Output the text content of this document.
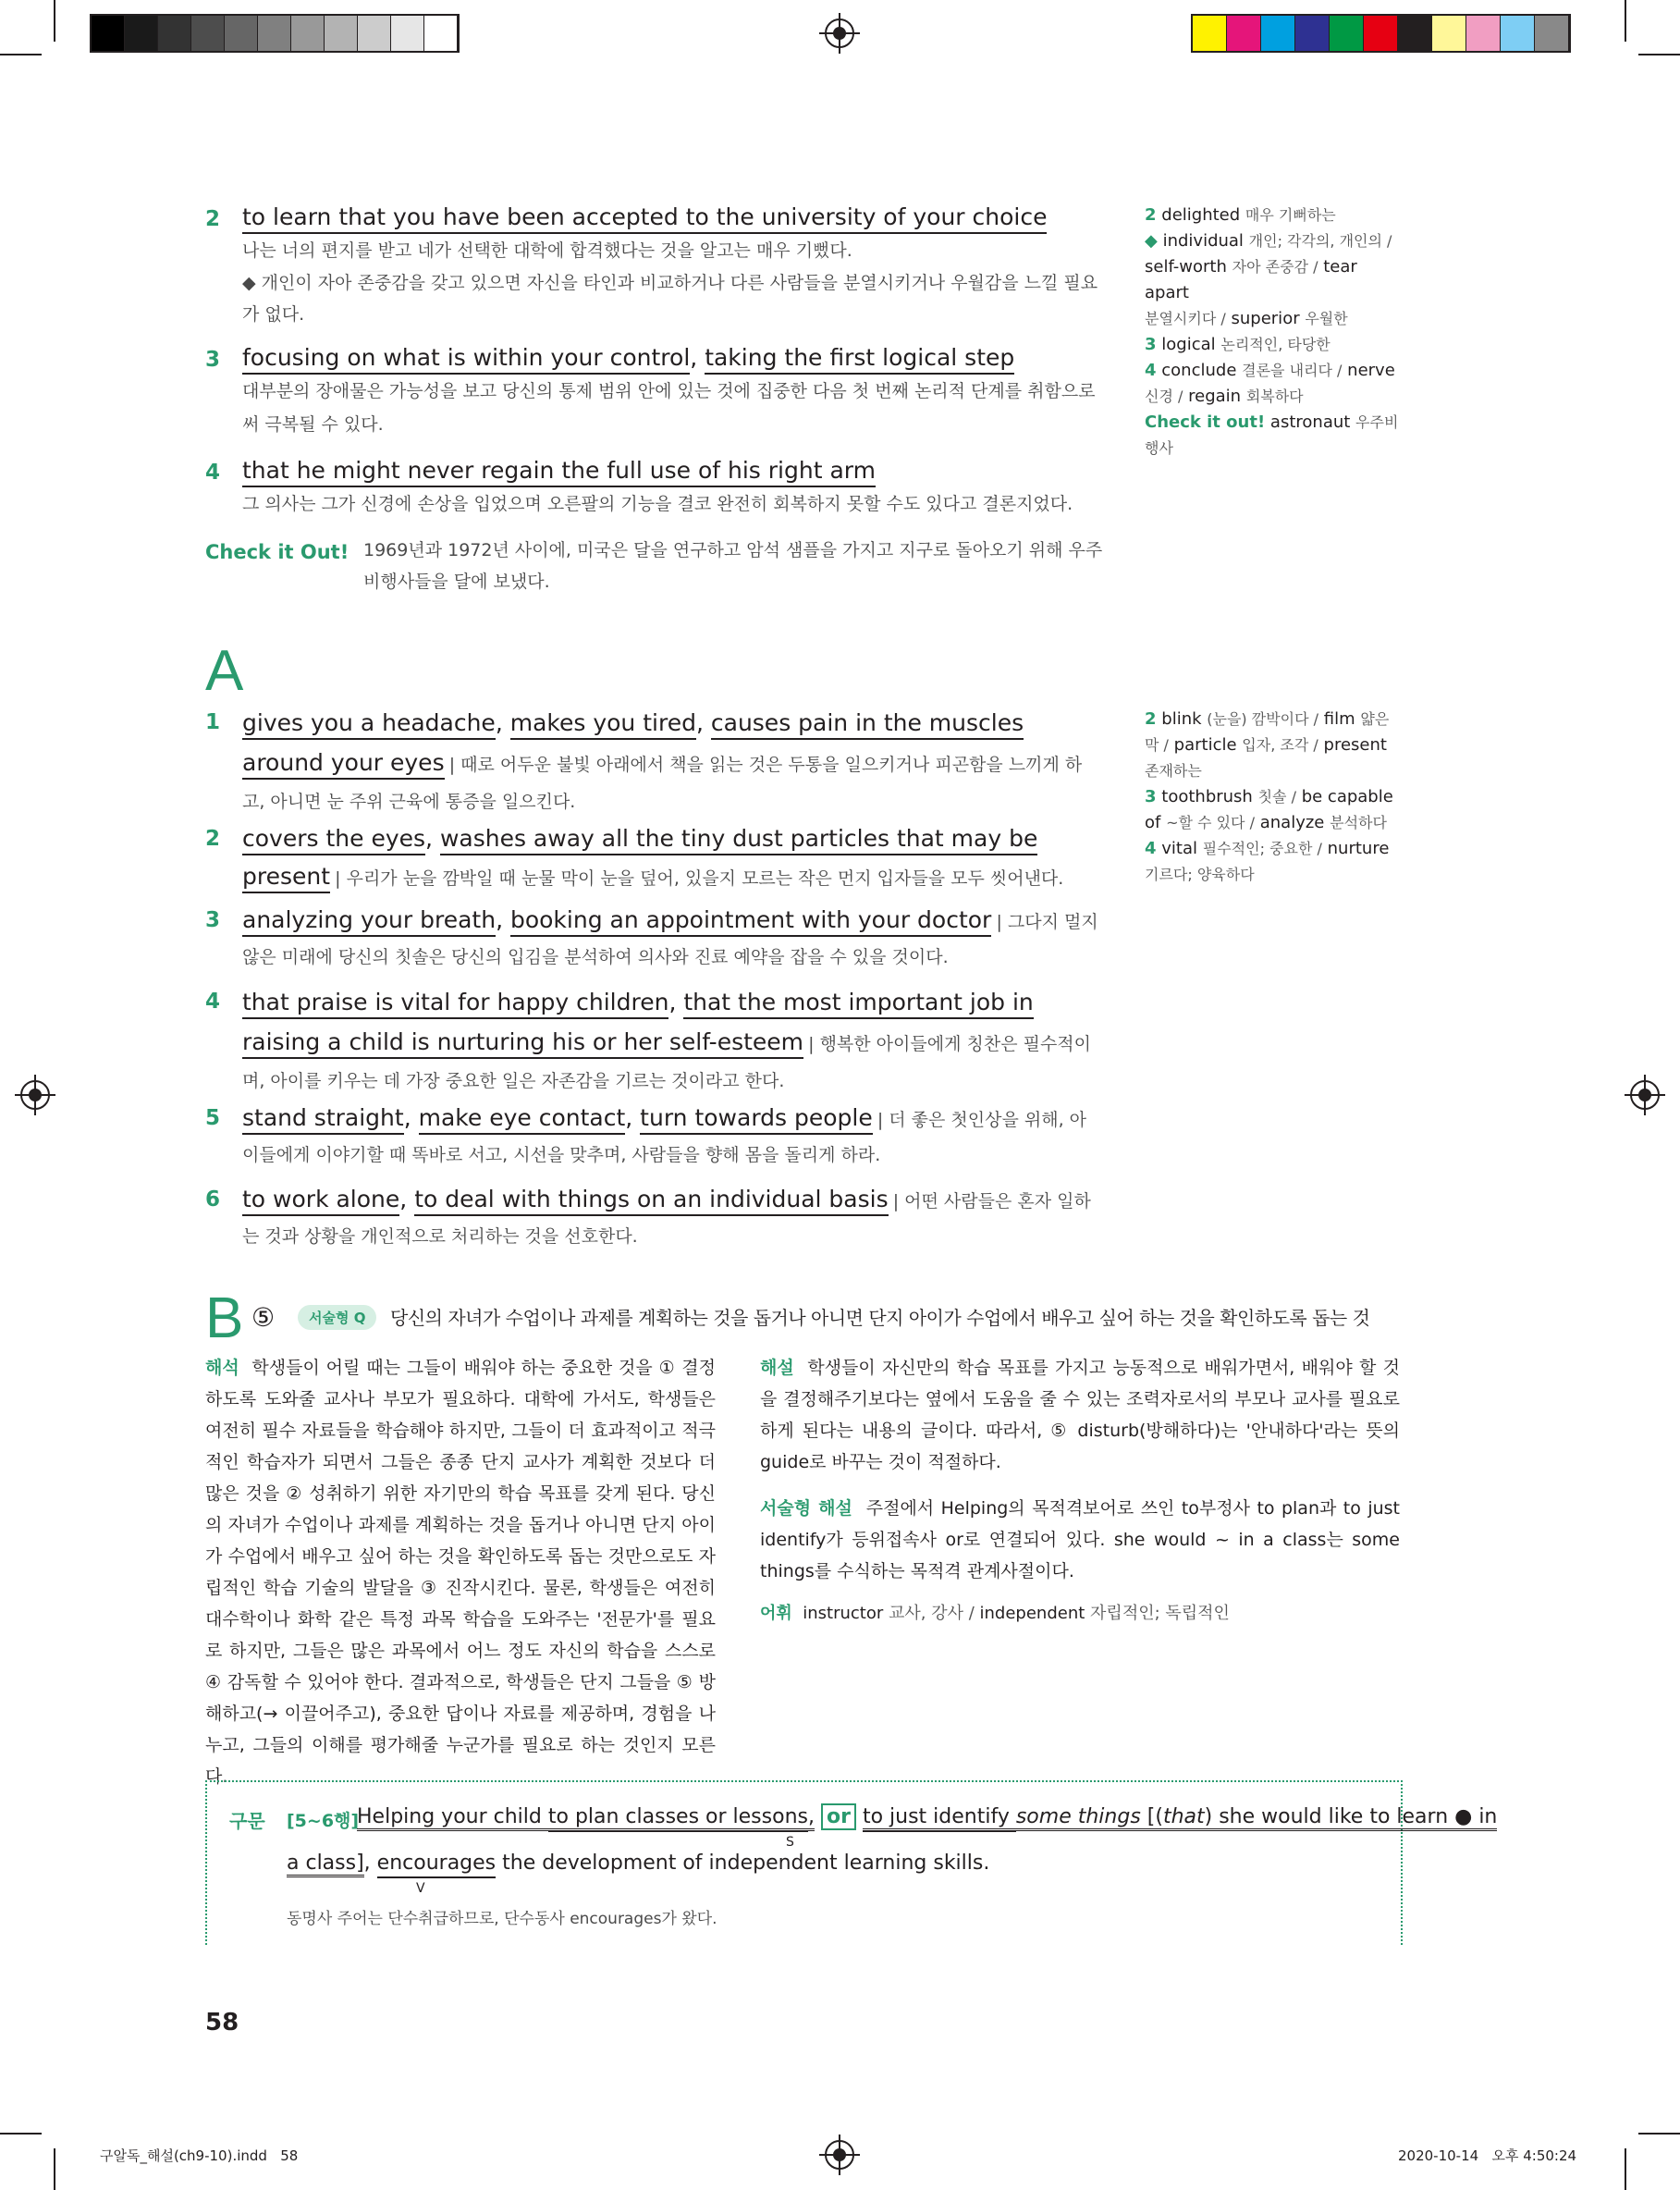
2 to learn that you have been accepted to the university of your choice
나는 너의 편지를 받고 네가 선택한 대학에 합격했다는 것을 알고는 매우 기뻤다.
◆ 개인이 자아 존중감을 갖고 있으면 자신을 타인과 비교하거나 다른 사람들을 분열시키거나 우월감을 느낄 필요 가 없다.
3 focusing on what is within your control, taking the first logical step
대부분의 장애물은 가능성을 보고 당신의 통제 범위 안에 있는 것에 집중한 다음 첫 번째 논리적 단계를 취함으로써 극복될 수 있다.
4 that he might never regain the full use of his right arm
그 의사는 그가 신경에 손상을 입었으며 오른팔의 기능을 결코 완전히 회복하지 못할 수도 있다고 결론지었다.
Check it Out! 1969년과 1972년 사이에, 미국은 달을 연구하고 암석 샘플을 가지고 지구로 돌아오기 위해 우주비행사들을 달에 보냈다.
2 delighted 매우 기뻐하는
◆ individual 개인; 각각의, 개인의 /
self-worth 자아 존중감 / tear apart
분열시키다 / superior 우월한
3 logical 논리적인, 타당한
4 conclude 결론을 내리다 / nerve
신경 / regain 회복하다
Check it out! astronaut 우주비행사
A
1 gives you a headache, makes you tired, causes pain in the muscles around your eyes | 때로 어두운 불빛 아래에서 책을 읽는 것은 두통을 일으키거나 피곤함을 느끼게 하고, 아니면 눈 주위 근육에 통증을 일으킨다.
2 covers the eyes, washes away all the tiny dust particles that may be present | 우리가 눈을 깜박일 때 눈물 막이 눈을 덮어, 있을지 모르는 작은 먼지 입자들을 모두 씻어낸다.
3 analyzing your breath, booking an appointment with your doctor | 그다지 멀지 않은 미래에 당신의 칫솔은 당신의 입김을 분석하여 의사와 진료 예약을 잡을 수 있을 것이다.
4 that praise is vital for happy children, that the most important job in raising a child is nurturing his or her self-esteem | 행복한 아이들에게 칭찬은 필수적이며, 아이를 키우는 데 가장 중요한 일은 자존감을 기르는 것이라고 한다.
5 stand straight, make eye contact, turn towards people | 더 좋은 첫인상을 위해, 아이들에게 이야기할 때 똑바로 서고, 시선을 맞추며, 사람들을 향해 몸을 돌리게 하라.
6 to work alone, to deal with things on an individual basis | 어떤 사람들은 혼자 일하는 것과 상황을 개인적으로 처리하는 것을 선호한다.
2 blink (눈을) 깜박이다 / film 얇은 막 / particle 입자, 조각 / present 존재하는
3 toothbrush 칫솔 / be capable of ~할 수 있다 / analyze 분석하다
4 vital 필수적인; 중요한 / nurture 기르다; 양육하다
B ⑤	서술형 Q	당신의 자녀가 수업이나 과제를 계획하는 것을 돕거나 아니면 단지 아이가 수업에서 배우고 싶어 하는 것을 확인하도록 돕는 것
해석 학생들이 어릴 때는 그들이 배워야 하는 중요한 것을 ① 결정하도록 도와줄 교사나 부모가 필요하다. 대학에 가서도, 학생들은 여전히 필수 자료들을 학습해야 하지만, 그들이 더 효과적이고 적극적인 학습자가 되면서 그들은 종종 단지 교사가 계획한 것보다 더 많은 것을 ② 성취하기 위한 자기만의 학습 목표를 갖게 된다. 당신의 자녀가 수업이나 과제를 계획하는 것을 돕거나 아니면 단지 아이가 수업에서 배우고 싶어 하는 것을 확인하도록 돕는 것만으로도 자립적인 학습 기술의 발달을 ③ 진작시킨다. 물론, 학생들은 여전히 대수학이나 화학 같은 특정 과목 학습을 도와주는 '전문가'를 필요로 하지만, 그들은 많은 과목에서 어느 정도 자신의 학습을 스스로 ④ 감독할 수 있어야 한다. 결과적으로, 학생들은 단지 그들을 ⑤ 방해하고(→ 이끌어주고), 중요한 답이나 자료를 제공하며, 경험을 나누고, 그들의 이해를 평가해줄 누군가를 필요로 하는 것인지 모른다.
해설 학생들이 자신만의 학습 목표를 가지고 능동적으로 배워가면서, 배워야 할 것을 결정해주기보다는 옆에서 도움을 줄 수 있는 조력자로서의 부모나 교사를 필요로 하게 된다는 내용의 글이다. 따라서, ⑤ disturb(방해하다)는 '안내하다'라는 뜻의 guide로 바꾸는 것이 적절하다.
서술형 해설 주절에서 Helping의 목적격보어로 쓰인 to부정사 to plan과 to just identify가 등위접속사 or로 연결되어 있다. she would ~ in a class는 some things를 수식하는 목적격 관계사절이다.
어휘 instructor 교사, 강사 / independent 자립적인; 독립적인
구문 [5~6행]
Helping your child to plan classes or lessons, or to just identify some things [(that) she would like to learn ● in
S
a class], encourages the development of independent learning skills.
V
동명사 주어는 단수취급하므로, 단수동사 encourages가 왔다.
58
구알독_해설(ch9-10).indd   58	2020-10-14   오후 4:50:24
